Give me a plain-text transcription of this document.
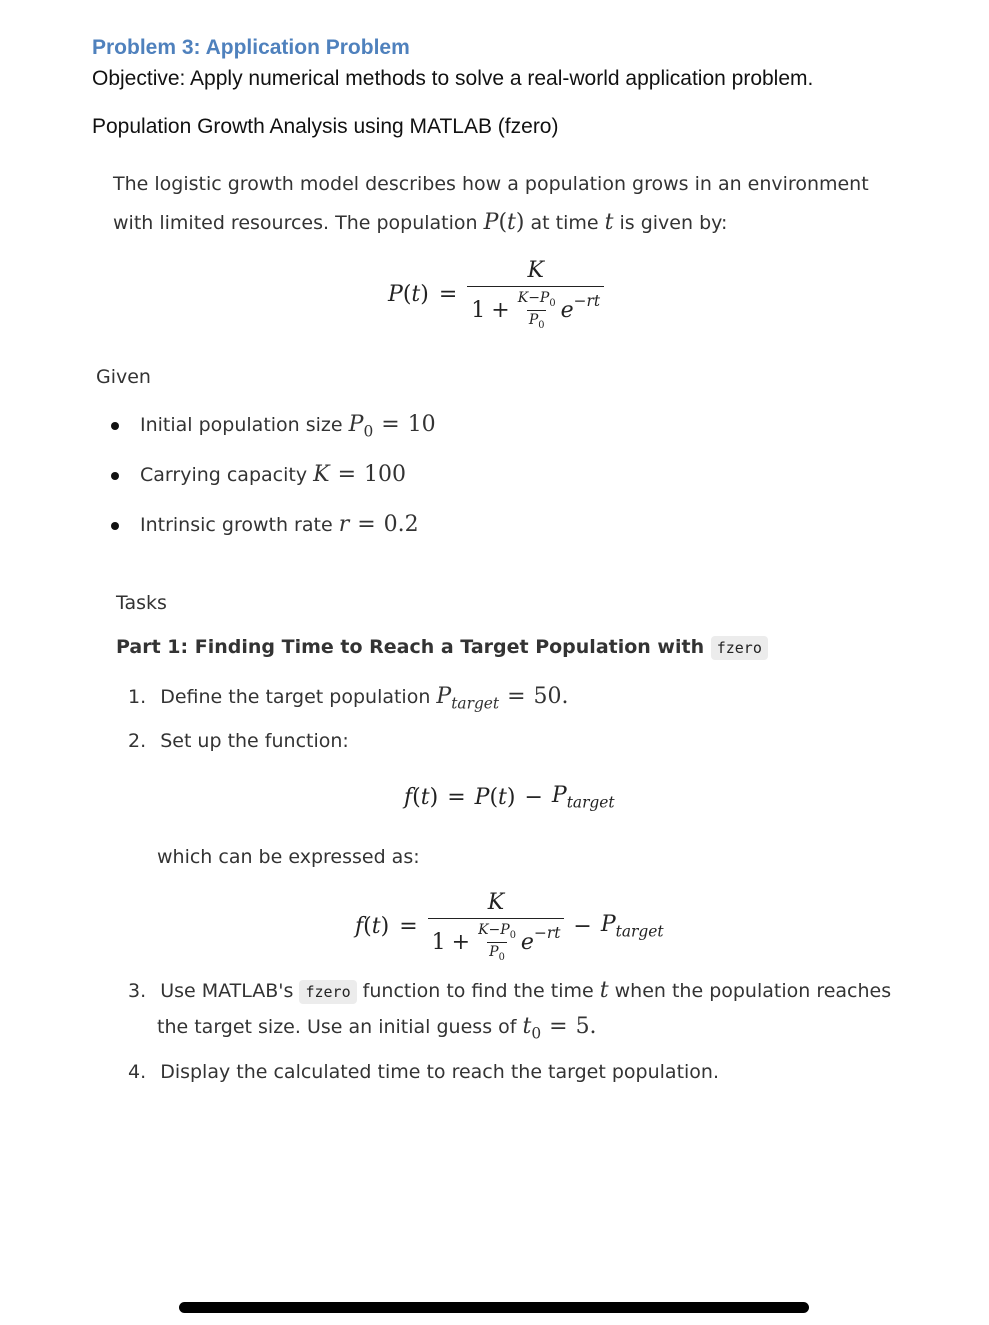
Problem 3: Application Problem
Objective: Apply numerical methods to solve a real-world application problem.
Population Growth Analysis using MATLAB (fzero)
The logistic growth model describes how a population grows in an environment
with limited resources. The population P(t) at time t is given by:
P ( t ) = $\frac{K}{1 + \frac{K-P_0}{P_0} e^{-rt}}$
Given
Initial population size $P_0 = 10$
Carrying capacity K = 100
Intrinsic growth rate r = 0.2
Tasks
Part 1: Finding Time to Reach a Target Population with fzero
1. Define the target population $P_{target} = 50$.
2. Set up the function:
f ( t ) = P ( t ) − $P_{target}$
which can be expressed as:
f ( t ) = $\frac{K}{1 + \frac{K-P_0}{P_0} e^{-rt}} - P_{target}$
3. Use MATLAB's fzero function to find the time t when the population reaches
the target size. Use an initial guess of $t_0 = 5$.
4. Display the calculated time to reach the target population.
